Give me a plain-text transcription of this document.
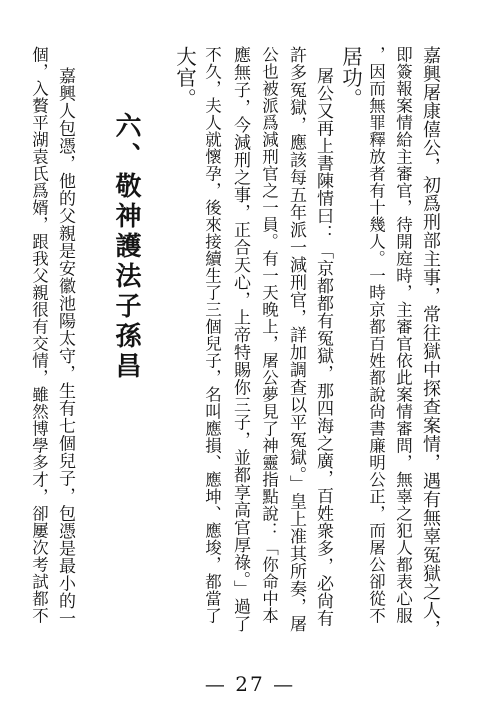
嘉興屠康僖公，初爲刑部主事，常往獄中探查案情，遇有無辜冤獄之人，
即簽報案情給主審官，待開庭時，主審官依此案情審問，無辜之犯人都表心服
，因而無罪釋放者有十幾人。一時京都百姓都說尙書廉明公正，而屠公卻從不
居功。
屠公又再上書陳情曰：「京都都有冤獄，那四海之廣，百姓衆多，必尙有
許多冤獄，應該每五年派一減刑官，詳加調查以平冤獄。」皇上准其所奏，屠
公也被派爲減刑官之一員。有一天晚上，屠公夢見了神靈指點說：「你命中本
應無子，今減刑之事，正合天心，上帝特賜你三子，並都享高官厚祿。」過了
不久，夫人就懷孕，後來接續生了三個兒子，名叫應損、應坤、應埈，都當了
大官。
六、敬神護法子孫昌
嘉興人包憑，他的父親是安徽池陽太守，生有七個兒子，包憑是最小的一
個，入贅平湖袁氏爲婿，跟我父親很有交情，雖然博學多才，卻屢次考試都不
— 27 —
